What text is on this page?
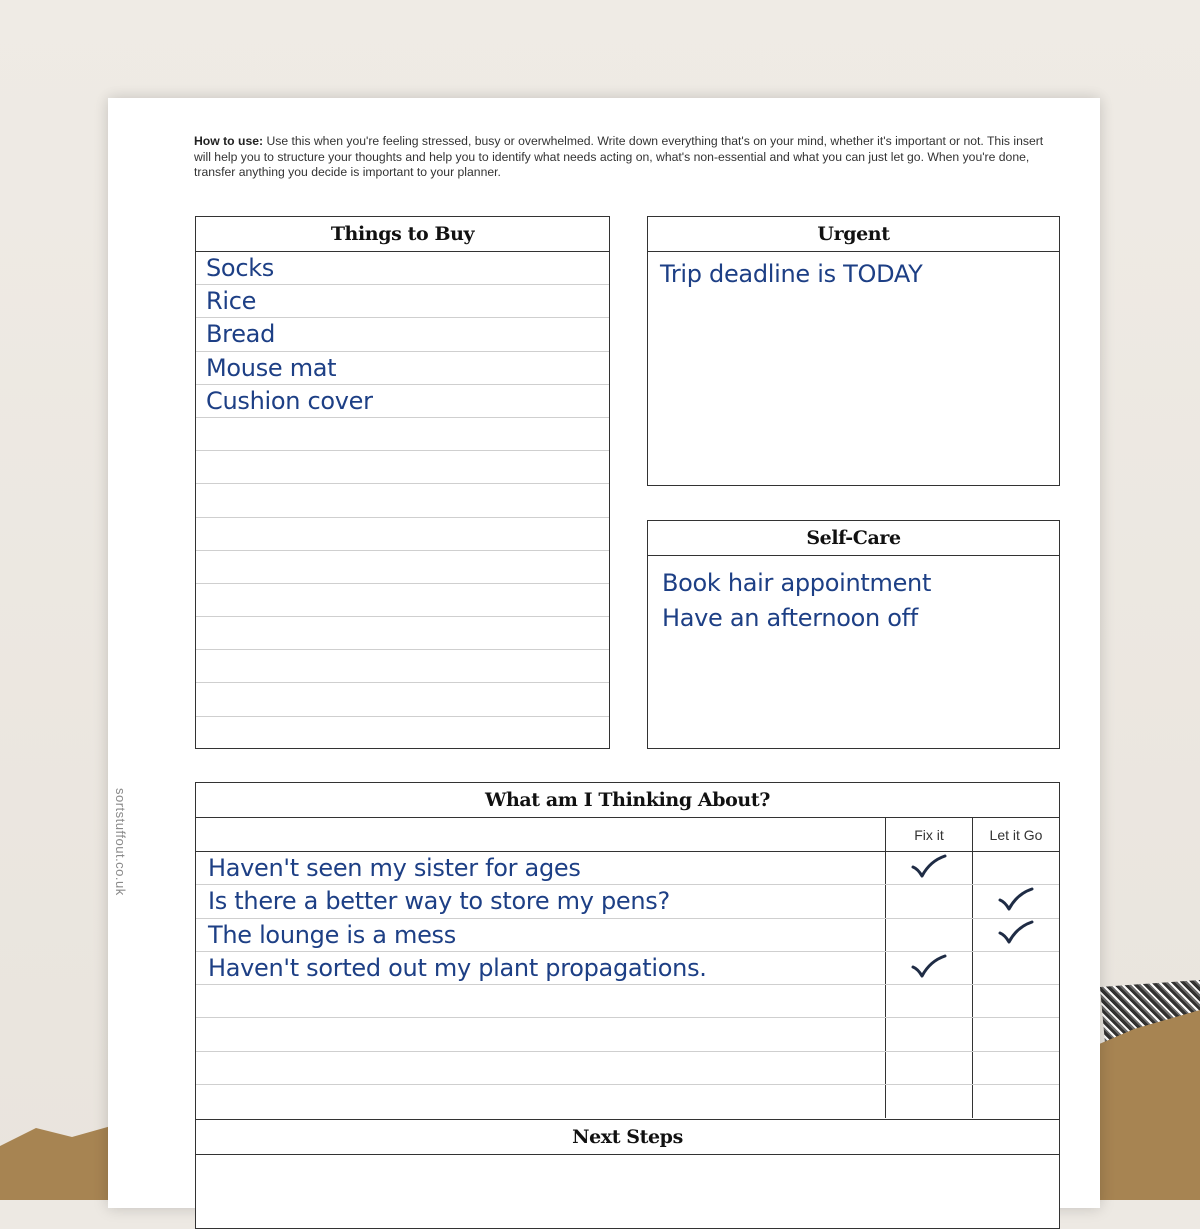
How to use: Use this when you're feeling stressed, busy or overwhelmed. Write down everything that's on your mind, whether it's important or not. This insert will help you to structure your thoughts and help you to identify what needs acting on, what's non-essential and what you can just let go. When you're done, transfer anything you decide is important to your planner.
sortstuffout.co.uk
Things to Buy
Socks
Rice
Bread
Mouse mat
Cushion cover
Urgent
Trip deadline is TODAY
Self-Care
Book hair appointment
Have an afternoon off
What am I Thinking About?
Fix it	Let it Go
Haven't seen my sister for ages
Is there a better way to store my pens?
The lounge is a mess
Haven't sorted out my plant propagations.
Next Steps
